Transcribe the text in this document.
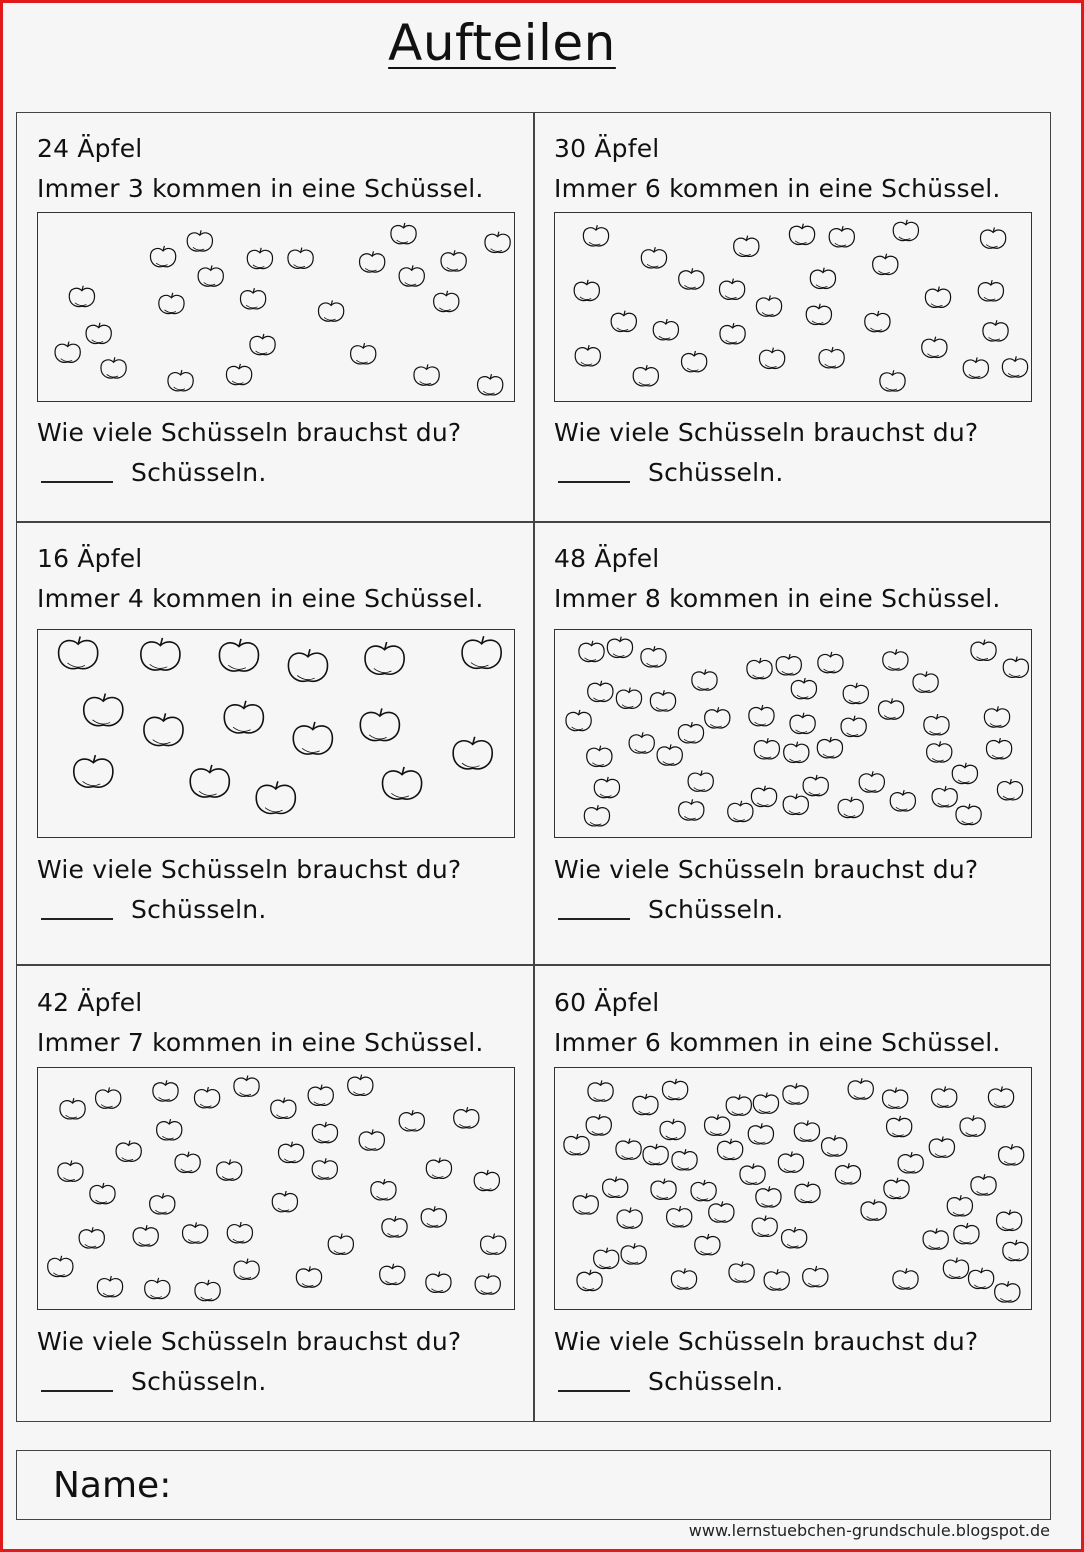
Aufteilen
24 Äpfel
Immer 3 kommen in eine Schüssel.
Wie viele Schüsseln brauchst du?
Schüsseln.
30 Äpfel
Immer 6 kommen in eine Schüssel.
Wie viele Schüsseln brauchst du?
Schüsseln.
16 Äpfel
Immer 4 kommen in eine Schüssel.
Wie viele Schüsseln brauchst du?
Schüsseln.
48 Äpfel
Immer 8 kommen in eine Schüssel.
Wie viele Schüsseln brauchst du?
Schüsseln.
42 Äpfel
Immer 7 kommen in eine Schüssel.
Wie viele Schüsseln brauchst du?
Schüsseln.
60 Äpfel
Immer 6 kommen in eine Schüssel.
Wie viele Schüsseln brauchst du?
Schüsseln.
Name:
www.lernstuebchen-grundschule.blogspot.de
